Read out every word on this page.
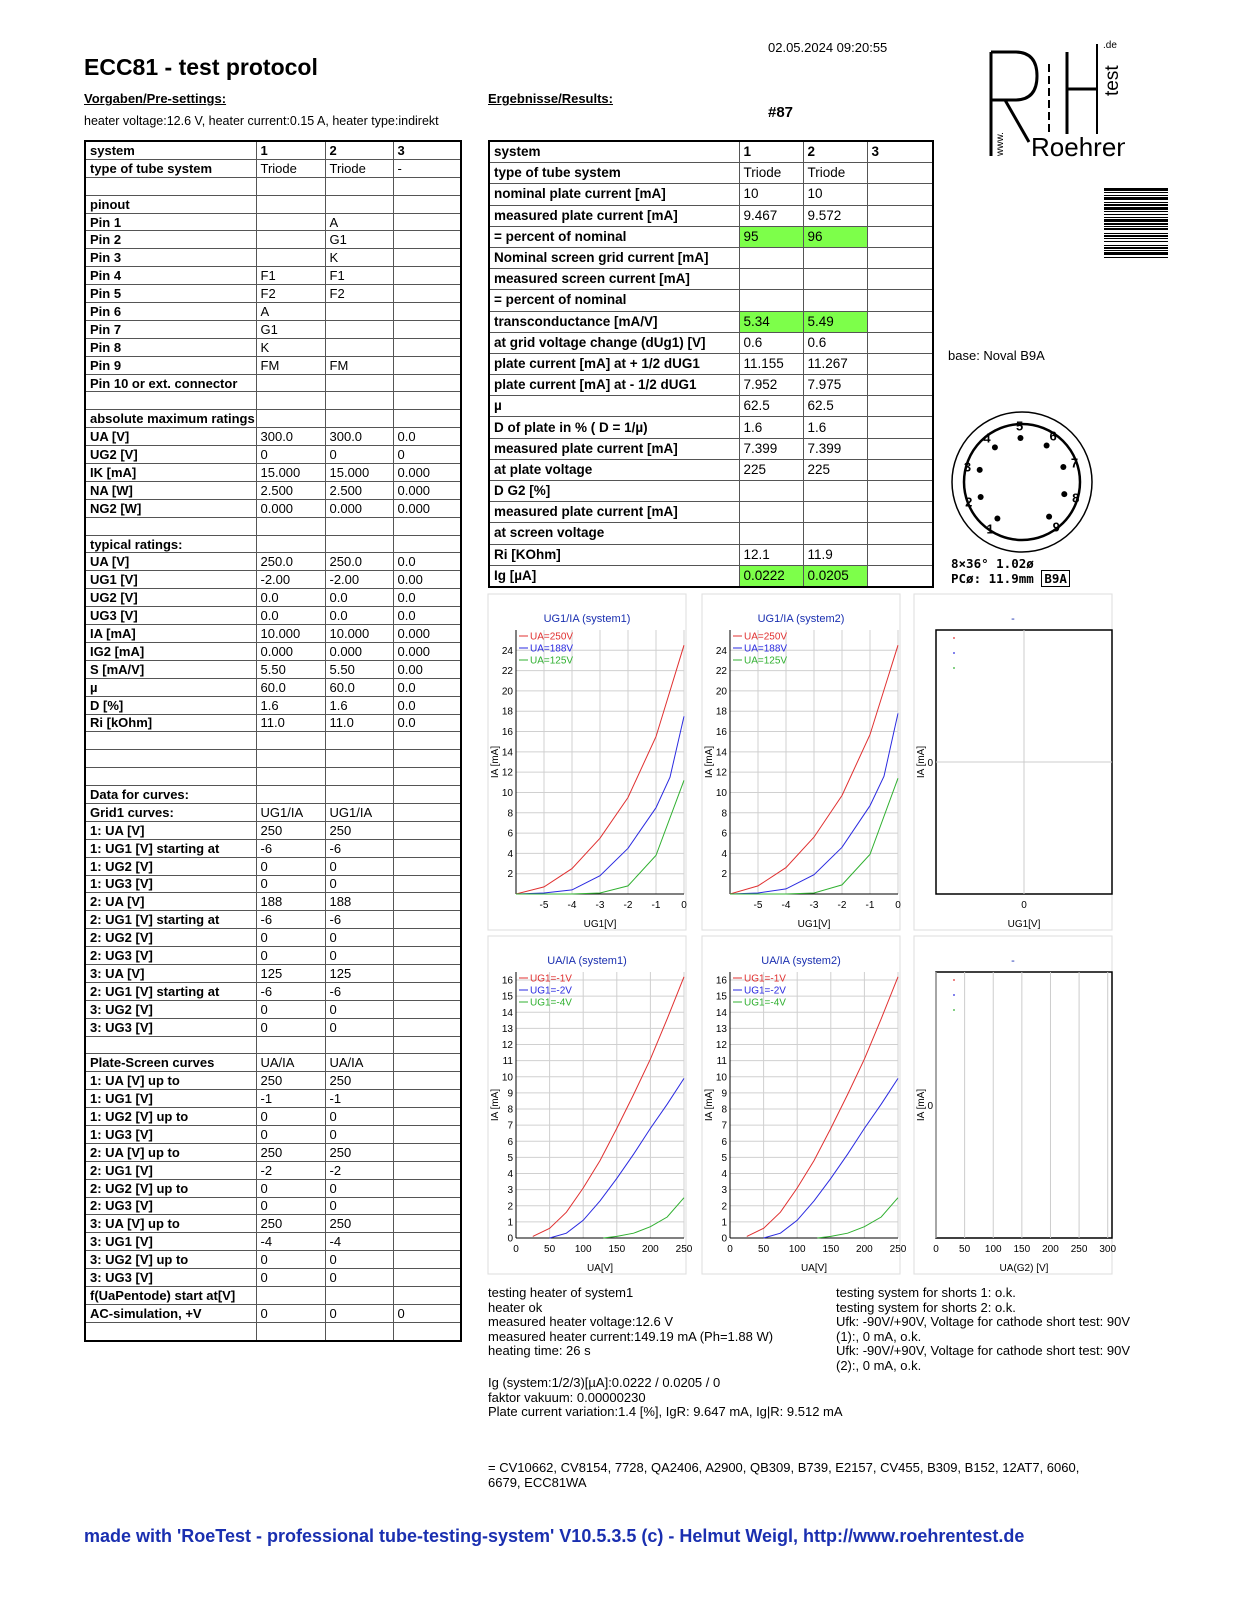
ECC81 - test protocol
02.05.2024 09:20:55
Vorgaben/Pre-settings:
heater voltage:12.6 V, heater current:0.15 A, heater type:indirekt
Ergebnisse/Results:
#87
www. Roehren
test
.de
system	1	2	3
type of tube system	Triode	Triode	-

pinout			
Pin 1		A	
Pin 2		G1	
Pin 3		K	
Pin 4	F1	F1	
Pin 5	F2	F2	
Pin 6	A		
Pin 7	G1		
Pin 8	K		
Pin 9	FM	FM	
Pin 10 or ext. connector			

absolute maximum ratings			
UA [V]	300.0	300.0	0.0
UG2 [V]	0	0	0
IK [mA]	15.000	15.000	0.000
NA [W]	2.500	2.500	0.000
NG2 [W]	0.000	0.000	0.000

typical ratings:			
UA [V]	250.0	250.0	0.0
UG1 [V]	-2.00	-2.00	0.00
UG2 [V]	0.0	0.0	0.0
UG3 [V]	0.0	0.0	0.0
IA [mA]	10.000	10.000	0.000
IG2 [mA]	0.000	0.000	0.000
S [mA/V]	5.50	5.50	0.00
µ	60.0	60.0	0.0
D [%]	1.6	1.6	0.0
Ri [kOhm]	11.0	11.0	0.0

Data for curves:			
Grid1 curves:	UG1/IA	UG1/IA	
1: UA [V]	250	250	
1: UG1 [V] starting at	-6	-6	
1: UG2 [V]	0	0	
1: UG3 [V]	0	0	
2: UA [V]	188	188	
2: UG1 [V] starting at	-6	-6	
2: UG2 [V]	0	0	
2: UG3 [V]	0	0	
3: UA [V]	125	125	
2: UG1 [V] starting at	-6	-6	
3: UG2 [V]	0	0	
3: UG3 [V]	0	0	

Plate-Screen curves	UA/IA	UA/IA	
1: UA [V] up to	250	250	
1: UG1 [V]	-1	-1	
1: UG2 [V] up to	0	0	
1: UG3 [V]	0	0	
2: UA [V] up to	250	250	
2: UG1 [V]	-2	-2	
2: UG2 [V] up to	0	0	
2: UG3 [V]	0	0	
3: UA [V] up to	250	250	
3: UG1 [V]	-4	-4	
3: UG2 [V] up to	0	0	
3: UG3 [V]	0	0	
f(UaPentode) start at[V]			
AC-simulation, +V	0	0	0

system	1	2	3
type of tube system	Triode	Triode	
nominal plate current [mA]	10	10	
measured plate current [mA]	9.467	9.572	
= percent of nominal	95	96	
Nominal screen grid current [mA]			
measured screen current [mA]			
= percent of nominal			
transconductance [mA/V]	5.34	5.49	
at grid voltage change (dUg1) [V]	0.6	0.6	
plate current [mA] at + 1/2 dUG1	11.155	11.267	
plate current [mA] at - 1/2 dUG1	7.952	7.975	
µ	62.5	62.5	
D of plate in % ( D = 1/µ)	1.6	1.6	
measured plate current [mA]	7.399	7.399	
at plate voltage	225	225	
D G2 [%]			
measured plate current [mA]			
at screen voltage			
Ri [KOhm]	12.1	11.9	
Ig [µA]	0.0222	0.0205	
base: Noval B9A
1
2
3
4
5
6
7
8
9
8×36° 1.02ø
PCø: 11.9mm B9A
UG1/IA (system1)
IA [mA]
UG1[V]
-5 -4 -3 -2 -1 0
2
4
6
8
10
12
14
16
18
20
22
24
UA=250V
UA=188V
UA=125V
UG1/IA (system2)
IA [mA]
UG1[V]
-5 -4 -3 -2 -1 0
2
4
6
8
10
12
14
16
18
20
22
24
UA=250V
UA=188V
UA=125V
-
IA [mA]
UG1[V]
0
0
UA/IA (system1)
IA [mA]
UA[V]
0	50 100 150 200 250
0
1
2
3
4
5
6
7
8
9
10
11
12
13
14
15
16 UG1=-1V
UG1=-2V
UG1=-4V
UA/IA (system2)
IA [mA]
UA[V]
0	50 100 150 200 250
0
1
2
3
4
5
6
7
8
9
10
11
12
13
14
15
16 UG1=-1V
UG1=-2V
UG1=-4V
-
IA [mA]
UA(G2) [V]
0 50 100 150 200 250 300
0
testing heater of system1
heater ok
measured heater voltage:12.6 V
measured heater current:149.19 mA (Ph=1.88 W)
heating time: 26 s
testing system for shorts 1: o.k.
testing system for shorts 2: o.k.
Ufk: -90V/+90V, Voltage for cathode short test: 90V
(1):, 0 mA, o.k.
Ufk: -90V/+90V, Voltage for cathode short test: 90V
(2):, 0 mA, o.k.
Ig (system:1/2/3)[µA]:0.0222 / 0.0205 / 0
faktor vakuum: 0.00000230
Plate current variation:1.4 [%], IgR: 9.647 mA, Ig|R: 9.512 mA
= CV10662, CV8154, 7728, QA2406, A2900, QB309, B739, E2157, CV455, B309, B152, 12AT7, 6060,
6679, ECC81WA
made with 'RoeTest - professional tube-testing-system' V10.5.3.5 (c) - Helmut Weigl, http://www.roehrentest.de
